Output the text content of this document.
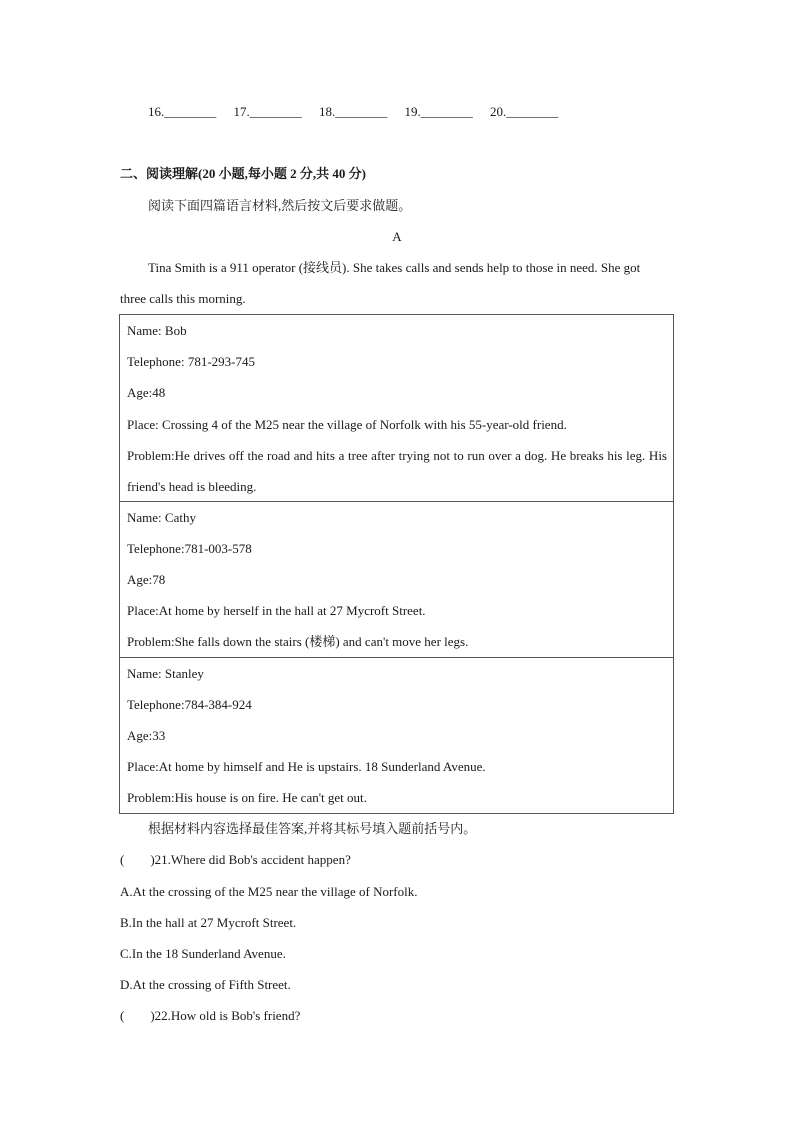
16.________ 17.________ 18.________ 19.________ 20.________
二、阅读理解(20 小题,每小题 2 分,共 40 分)
阅读下面四篇语言材料,然后按文后要求做题。
A
Tina Smith is a 911 operator (接线员). She takes calls and sends help to those in need. She got
three calls this morning.
Name: Bob
Telephone: 781-293-745
Age:48
Place: Crossing 4 of the M25 near the village of Norfolk with his 55-year-old friend.
Problem:He drives off the road and hits a tree after trying not to run over a dog. He breaks his leg. His friend's head is bleeding.
Name: Cathy
Telephone:781-003-578
Age:78
Place:At home by herself in the hall at 27 Mycroft Street.
Problem:She falls down the stairs (楼梯) and can't move her legs.
Name: Stanley
Telephone:784-384-924
Age:33
Place:At home by himself and He is upstairs. 18 Sunderland Avenue.
Problem:His house is on fire. He can't get out.
根据材料内容选择最佳答案,并将其标号填入题前括号内。
(　　)21.Where did Bob's accident happen?
A.At the crossing of the M25 near the village of Norfolk.
B.In the hall at 27 Mycroft Street.
C.In the 18 Sunderland Avenue.
D.At the crossing of Fifth Street.
(　　)22.How old is Bob's friend?
